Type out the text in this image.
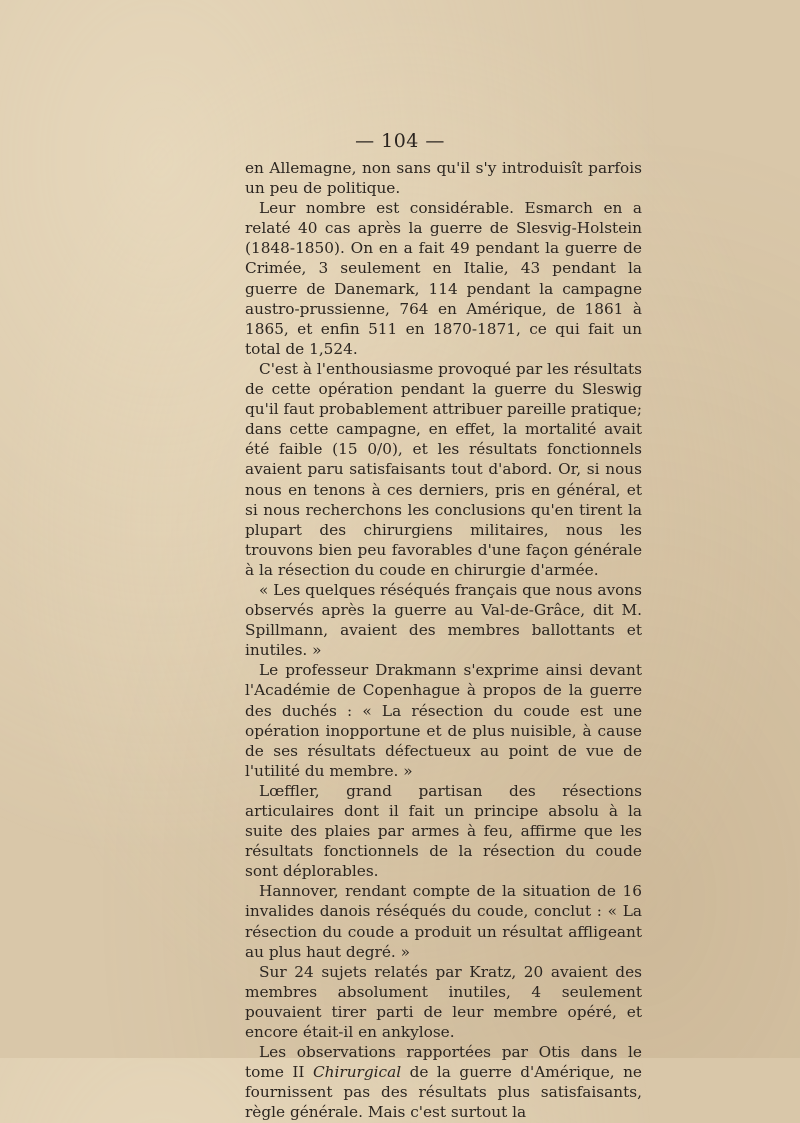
— 104 —

en Allemagne, non sans qu'il s'y introduisît parfois un peu de politique.

Leur nombre est considérable. Esmarch en a relaté 40 cas après la guerre de Slesvig-Holstein (1848-1850). On en a fait 49 pendant la guerre de Crimée, 3 seulement en Italie, 43 pendant la guerre de Danemark, 114 pendant la campagne austro-prussienne, 764 en Amérique, de 1861 à 1865, et enfin 511 en 1870-1871, ce qui fait un total de 1,524.

C'est à l'enthousiasme provoqué par les résultats de cette opération pendant la guerre du Sleswig qu'il faut probablement attribuer pareille pratique; dans cette campagne, en effet, la mortalité avait été faible (15 0/0), et les résultats fonctionnels avaient paru satisfaisants tout d'abord. Or, si nous nous en tenons à ces derniers, pris en général, et si nous recherchons les conclusions qu'en tirent la plupart des chirurgiens militaires, nous les trouvons bien peu favorables d'une façon générale à la résection du coude en chirurgie d'armée.

« Les quelques réséqués français que nous avons observés après la guerre au Val-de-Grâce, dit M. Spillmann, avaient des membres ballottants et inutiles. »

Le professeur Drakmann s'exprime ainsi devant l'Académie de Copenhague à propos de la guerre des duchés : « La résection du coude est une opération inopportune et de plus nuisible, à cause de ses résultats défectueux au point de vue de l'utilité du membre. »

Lœffler, grand partisan des résections articulaires dont il fait un principe absolu à la suite des plaies par armes à feu, affirme que les résultats fonctionnels de la résection du coude sont déplorables.

Hannover, rendant compte de la situation de 16 invalides danois réséqués du coude, conclut : « La résection du coude a produit un résultat affligeant au plus haut degré. »

Sur 24 sujets relatés par Kratz, 20 avaient des membres absolument inutiles, 4 seulement pouvaient tirer parti de leur membre opéré, et encore était-il en ankylose.

Les observations rapportées par Otis dans le tome II Chirurgical de la guerre d'Amérique, ne fournissent pas des résultats plus satisfaisants, règle générale. Mais c'est surtout la
